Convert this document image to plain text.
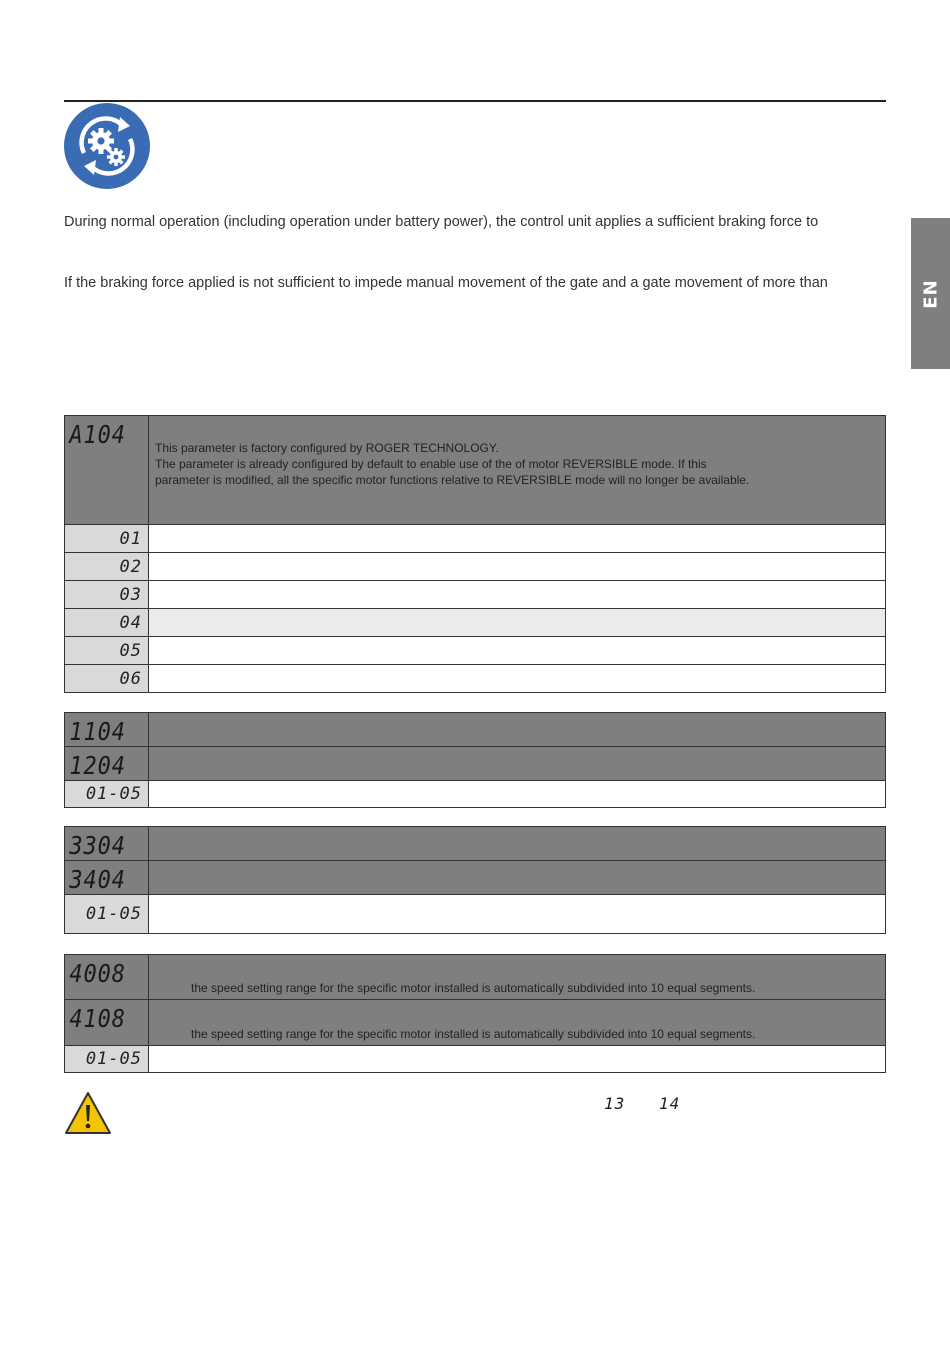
During normal operation (including operation under battery power), the control unit applies a sufficient braking force to
If the braking force applied is not sufficient to impede manual movement of the gate and a gate movement of more than	EN
A104	This parameter is factory configured by ROGER TECHNOLOGY.
The parameter is already configured by default to enable use of the of motor REVERSIBLE mode. If this
parameter is modified, all the specific motor functions relative to REVERSIBLE mode will no longer be available.

01	
02	
03	
04	
05	
06	
1104	

1204	

01-05	
3304	

3404	

01-05	
4008	the speed setting range for the specific motor installed is automatically subdivided into 10 equal segments.

4108	the speed setting range for the specific motor installed is automatically subdivided into 10 equal segments.

01-05	
13 14
